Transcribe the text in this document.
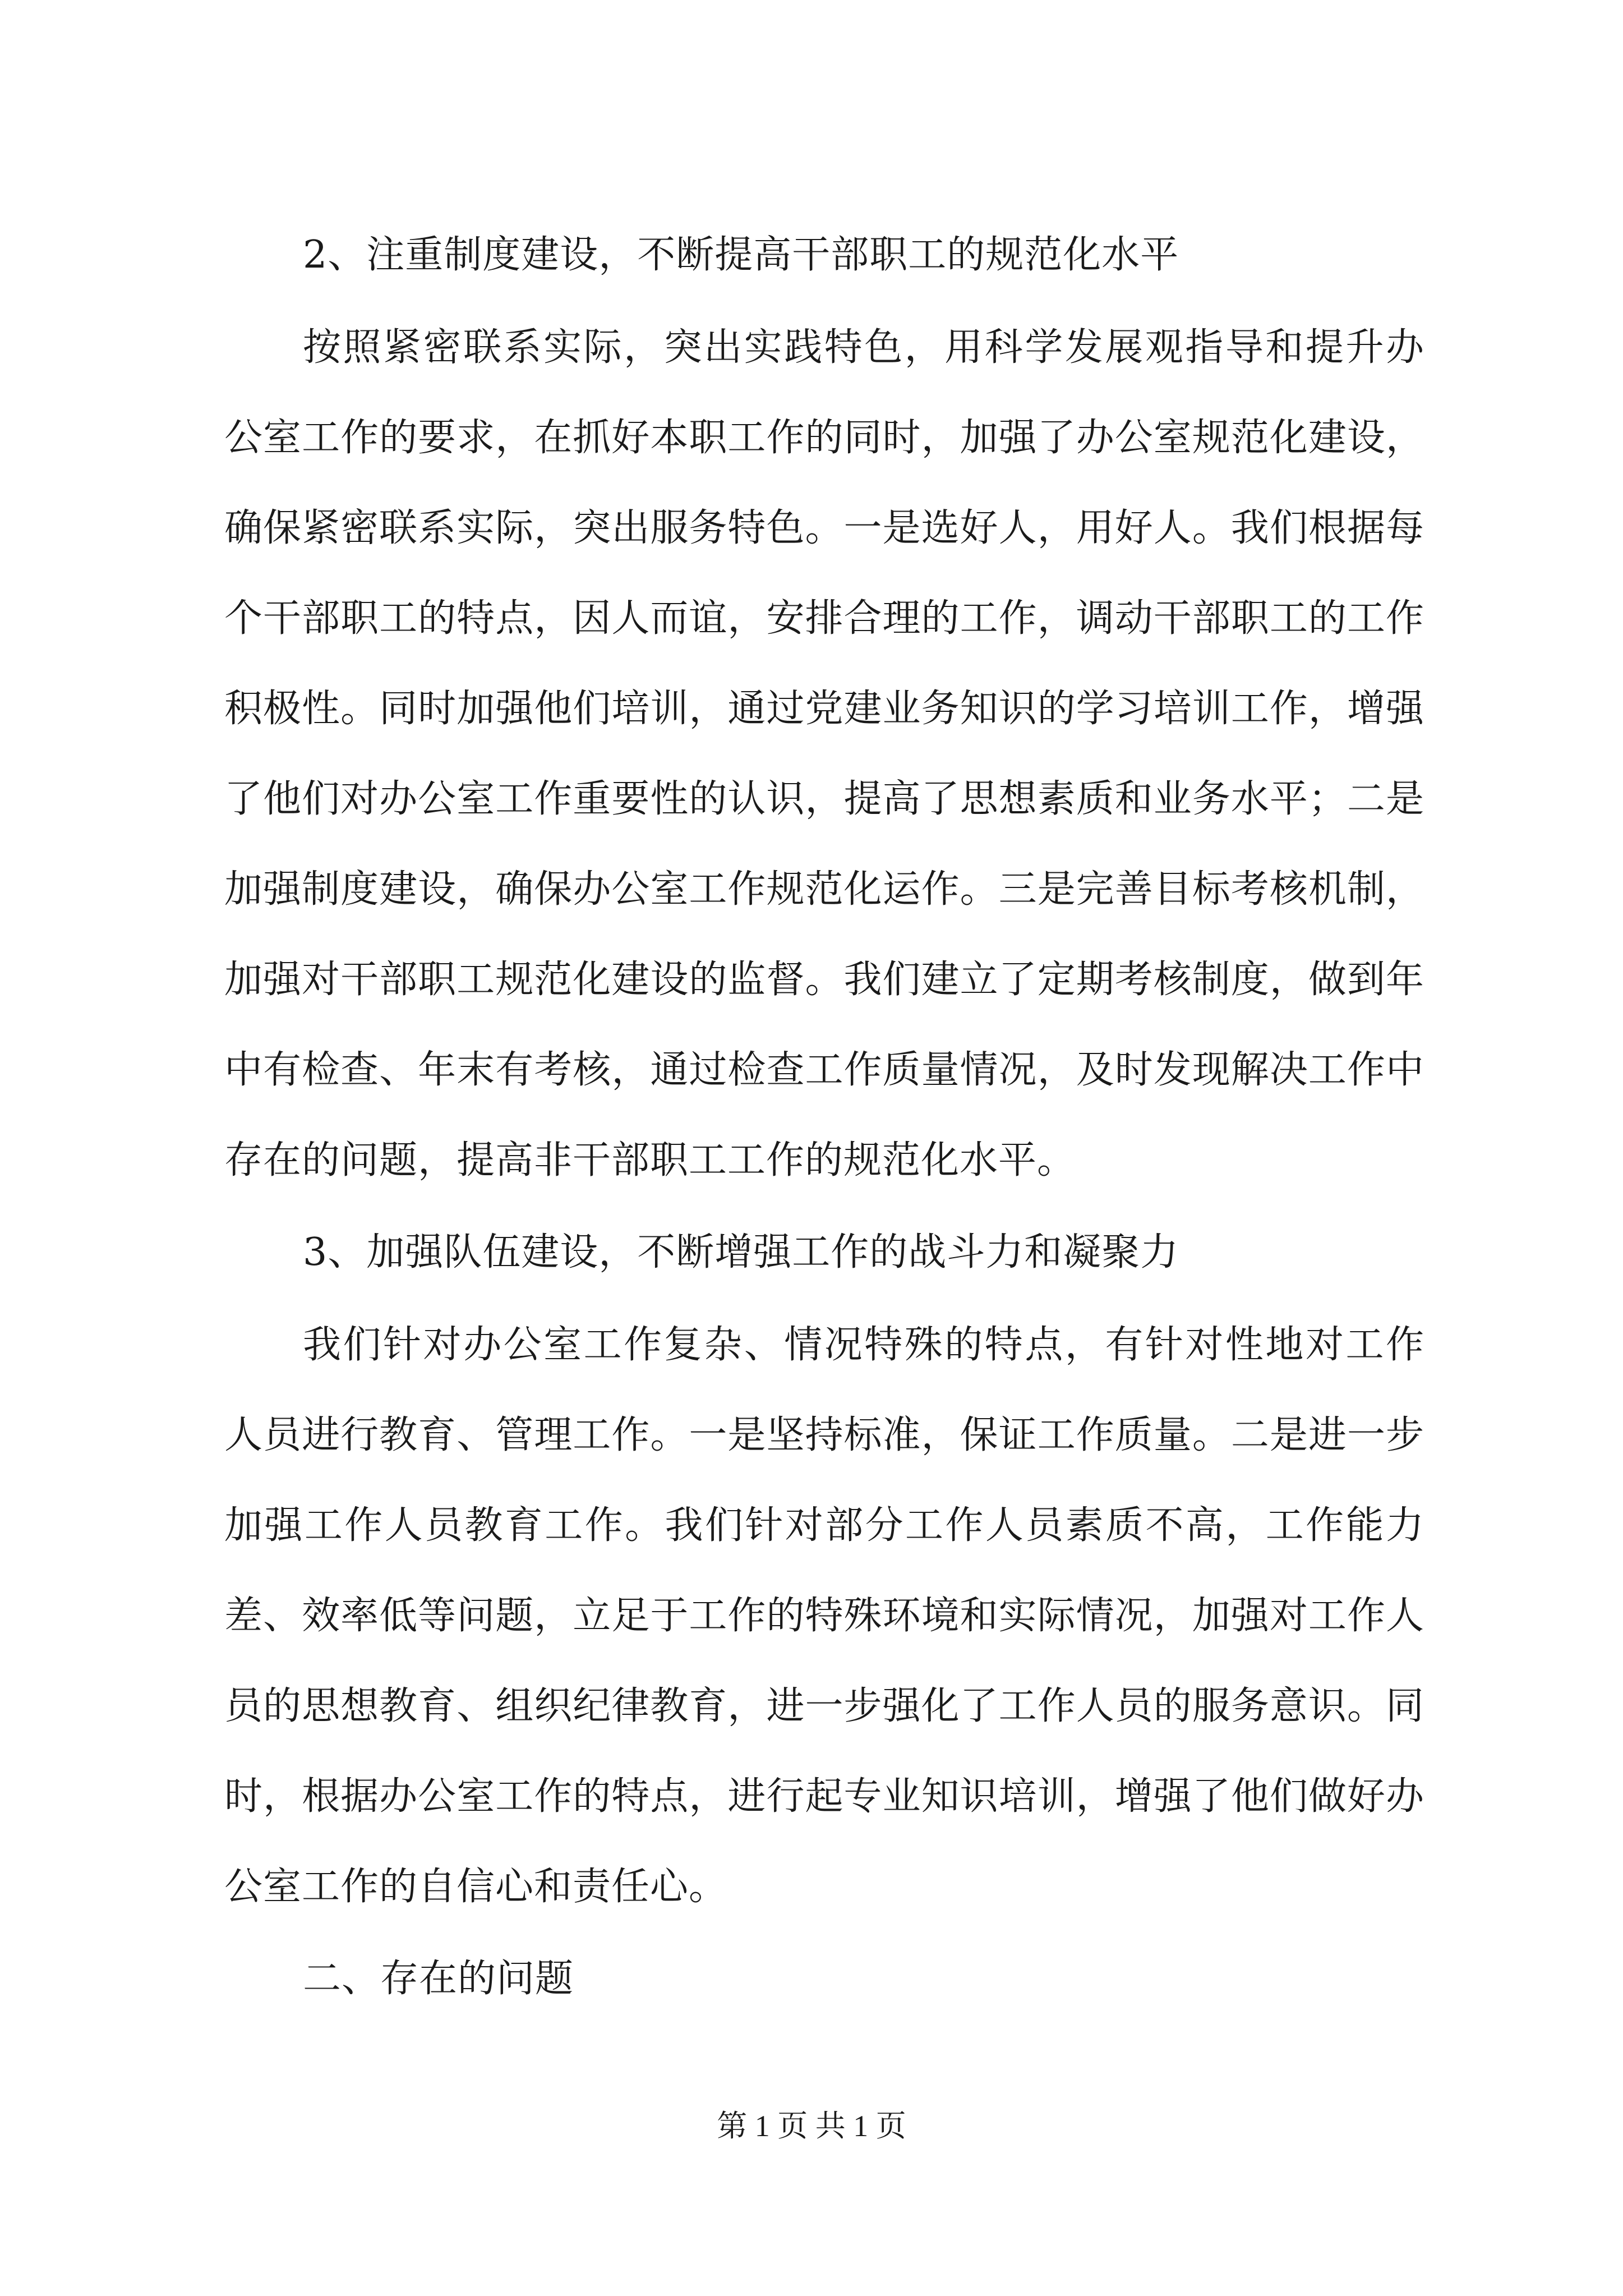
2、注重制度建设，不断提高干部职工的规范化水平

按照紧密联系实际，突出实践特色，用科学发展观指导和提升办公室工作的要求，在抓好本职工作的同时，加强了办公室规范化建设，确保紧密联系实际，突出服务特色。一是选好人，用好人。我们根据每个干部职工的特点，因人而谊，安排合理的工作，调动干部职工的工作积极性。同时加强他们培训，通过党建业务知识的学习培训工作，增强了他们对办公室工作重要性的认识，提高了思想素质和业务水平；二是加强制度建设，确保办公室工作规范化运作。三是完善目标考核机制，加强对干部职工规范化建设的监督。我们建立了定期考核制度，做到年中有检查、年末有考核，通过检查工作质量情况，及时发现解决工作中存在的问题，提高非干部职工工作的规范化水平。

3、加强队伍建设，不断增强工作的战斗力和凝聚力

我们针对办公室工作复杂、情况特殊的特点，有针对性地对工作人员进行教育、管理工作。一是坚持标准，保证工作质量。二是进一步加强工作人员教育工作。我们针对部分工作人员素质不高，工作能力差、效率低等问题，立足于工作的特殊环境和实际情况，加强对工作人员的思想教育、组织纪律教育，进一步强化了工作人员的服务意识。同时，根据办公室工作的特点，进行起专业知识培训，增强了他们做好办公室工作的自信心和责任心。

二、存在的问题
第 1 页 共 1 页
